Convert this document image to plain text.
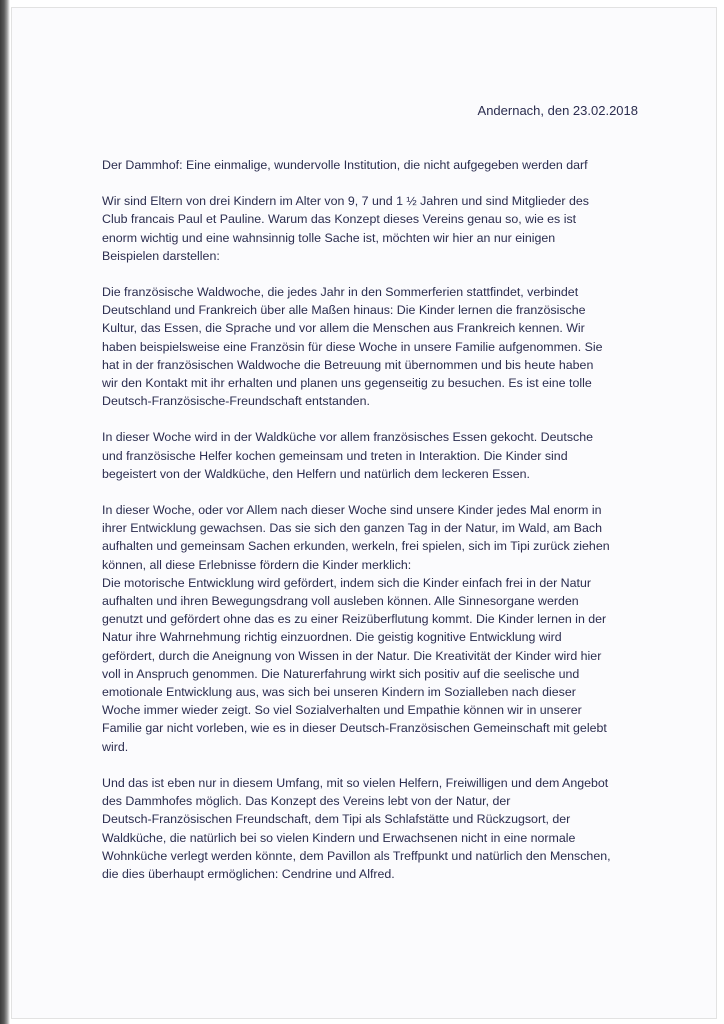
Andernach, den 23.02.2018

Der Dammhof: Eine einmalige, wundervolle Institution, die nicht aufgegeben werden darf

Wir sind Eltern von drei Kindern im Alter von 9, 7 und 1 ½ Jahren und sind Mitglieder des
Club francais Paul et Pauline. Warum das Konzept dieses Vereins genau so, wie es ist
enorm wichtig und eine wahnsinnig tolle Sache ist, möchten wir hier an nur einigen
Beispielen darstellen:

Die französische Waldwoche, die jedes Jahr in den Sommerferien stattfindet, verbindet
Deutschland und Frankreich über alle Maßen hinaus: Die Kinder lernen die französische
Kultur, das Essen, die Sprache und vor allem die Menschen aus Frankreich kennen. Wir
haben beispielsweise eine Französin für diese Woche in unsere Familie aufgenommen. Sie
hat in der französischen Waldwoche die Betreuung mit übernommen und bis heute haben
wir den Kontakt mit ihr erhalten und planen uns gegenseitig zu besuchen. Es ist eine tolle
Deutsch-Französische-Freundschaft entstanden.

In dieser Woche wird in der Waldküche vor allem französisches Essen gekocht. Deutsche
und französische Helfer kochen gemeinsam und treten in Interaktion. Die Kinder sind
begeistert von der Waldküche, den Helfern und natürlich dem leckeren Essen.

In dieser Woche, oder vor Allem nach dieser Woche sind unsere Kinder jedes Mal enorm in
ihrer Entwicklung gewachsen. Das sie sich den ganzen Tag in der Natur, im Wald, am Bach
aufhalten und gemeinsam Sachen erkunden, werkeln, frei spielen, sich im Tipi zurück ziehen
können, all diese Erlebnisse fördern die Kinder merklich:
Die motorische Entwicklung wird gefördert, indem sich die Kinder einfach frei in der Natur
aufhalten und ihren Bewegungsdrang voll ausleben können. Alle Sinnesorgane werden
genutzt und gefördert ohne das es zu einer Reizüberflutung kommt. Die Kinder lernen in der
Natur ihre Wahrnehmung richtig einzuordnen. Die geistig kognitive Entwicklung wird
gefördert, durch die Aneignung von Wissen in der Natur. Die Kreativität der Kinder wird hier
voll in Anspruch genommen. Die Naturerfahrung wirkt sich positiv auf die seelische und
emotionale Entwicklung aus, was sich bei unseren Kindern im Sozialleben nach dieser
Woche immer wieder zeigt. So viel Sozialverhalten und Empathie können wir in unserer
Familie gar nicht vorleben, wie es in dieser Deutsch-Französischen Gemeinschaft mit gelebt
wird.

Und das ist eben nur in diesem Umfang, mit so vielen Helfern, Freiwilligen und dem Angebot
des Dammhofes möglich. Das Konzept des Vereins lebt von der Natur, der
Deutsch-Französischen Freundschaft, dem Tipi als Schlafstätte und Rückzugsort, der
Waldküche, die natürlich bei so vielen Kindern und Erwachsenen nicht in eine normale
Wohnküche verlegt werden könnte, dem Pavillon als Treffpunkt und natürlich den Menschen,
die dies überhaupt ermöglichen: Cendrine und Alfred.
